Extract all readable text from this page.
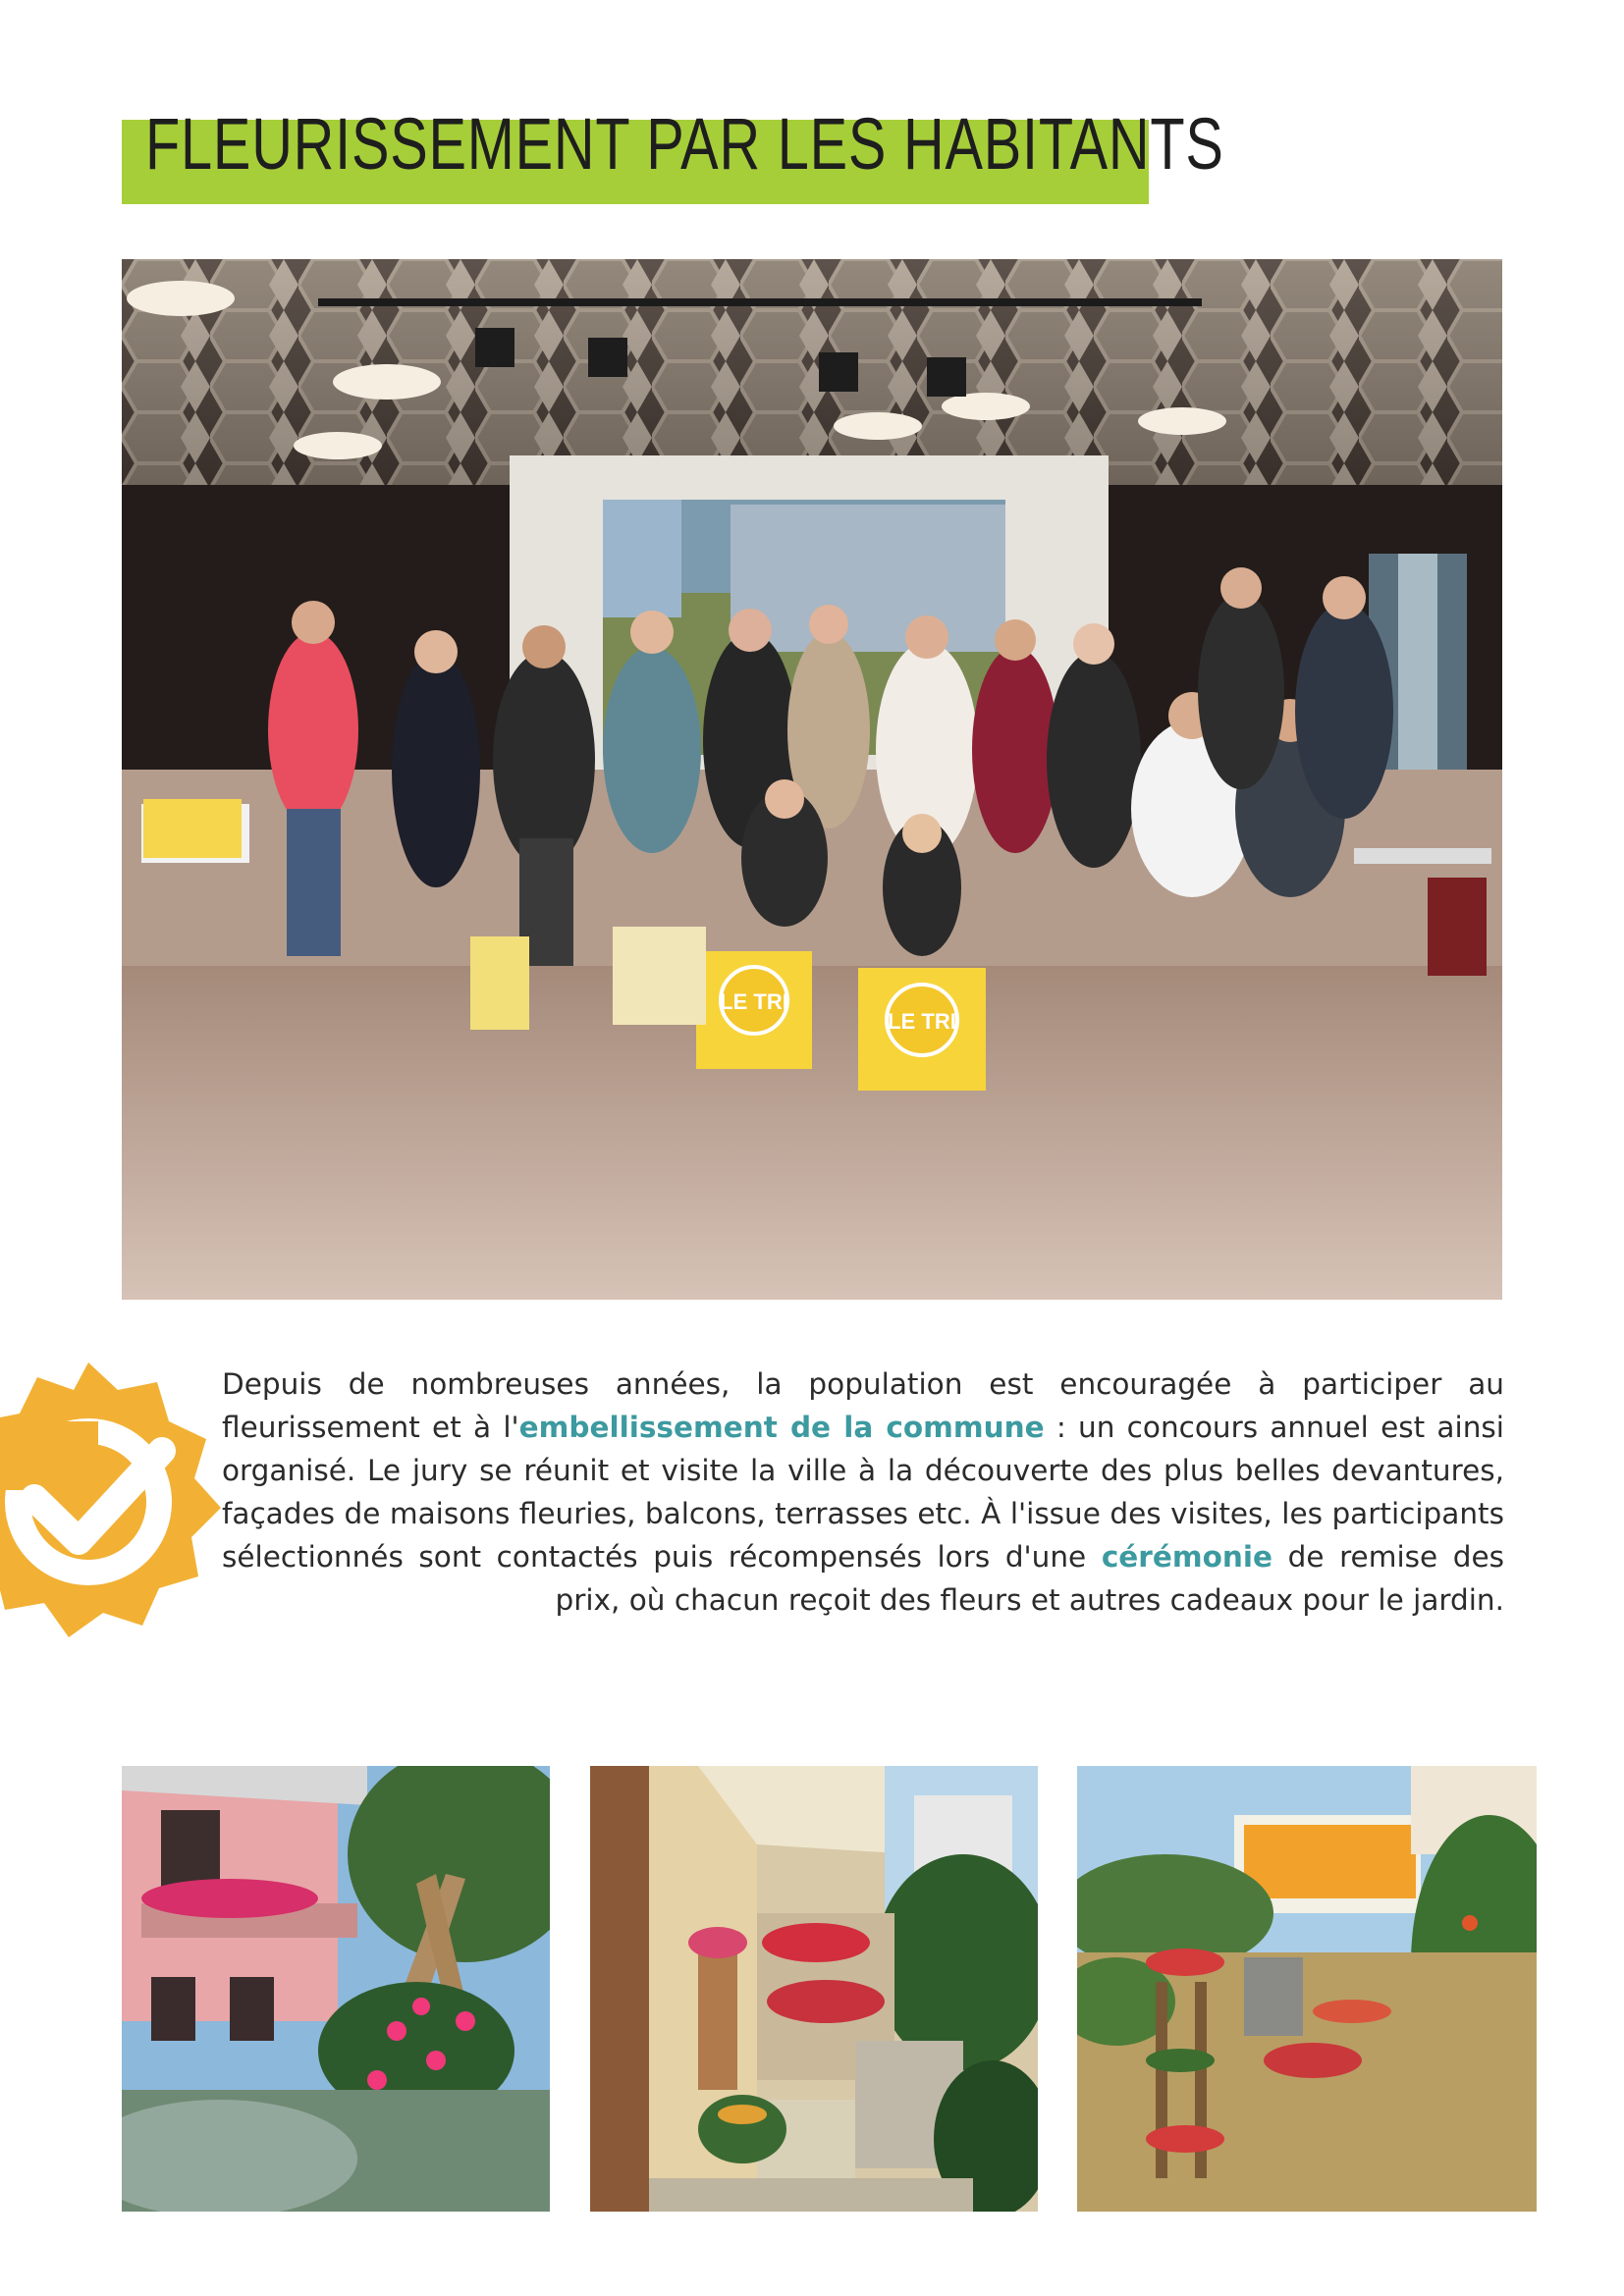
FLEURISSEMENT PAR LES HABITANTS
LE TRI
LE TRI
Depuis de nombreuses années, la population est encouragée à participer au fleurissement et à l'embellissement de la commune : un concours annuel est ainsi organisé. Le jury se réunit et visite la ville à la découverte des plus belles devantures, façades de maisons fleuries, balcons, terrasses etc. À l'issue des visites, les participants sélectionnés sont contactés puis récompensés lors d'une cérémonie de remise des prix, où chacun reçoit des fleurs et autres cadeaux pour le jardin.
